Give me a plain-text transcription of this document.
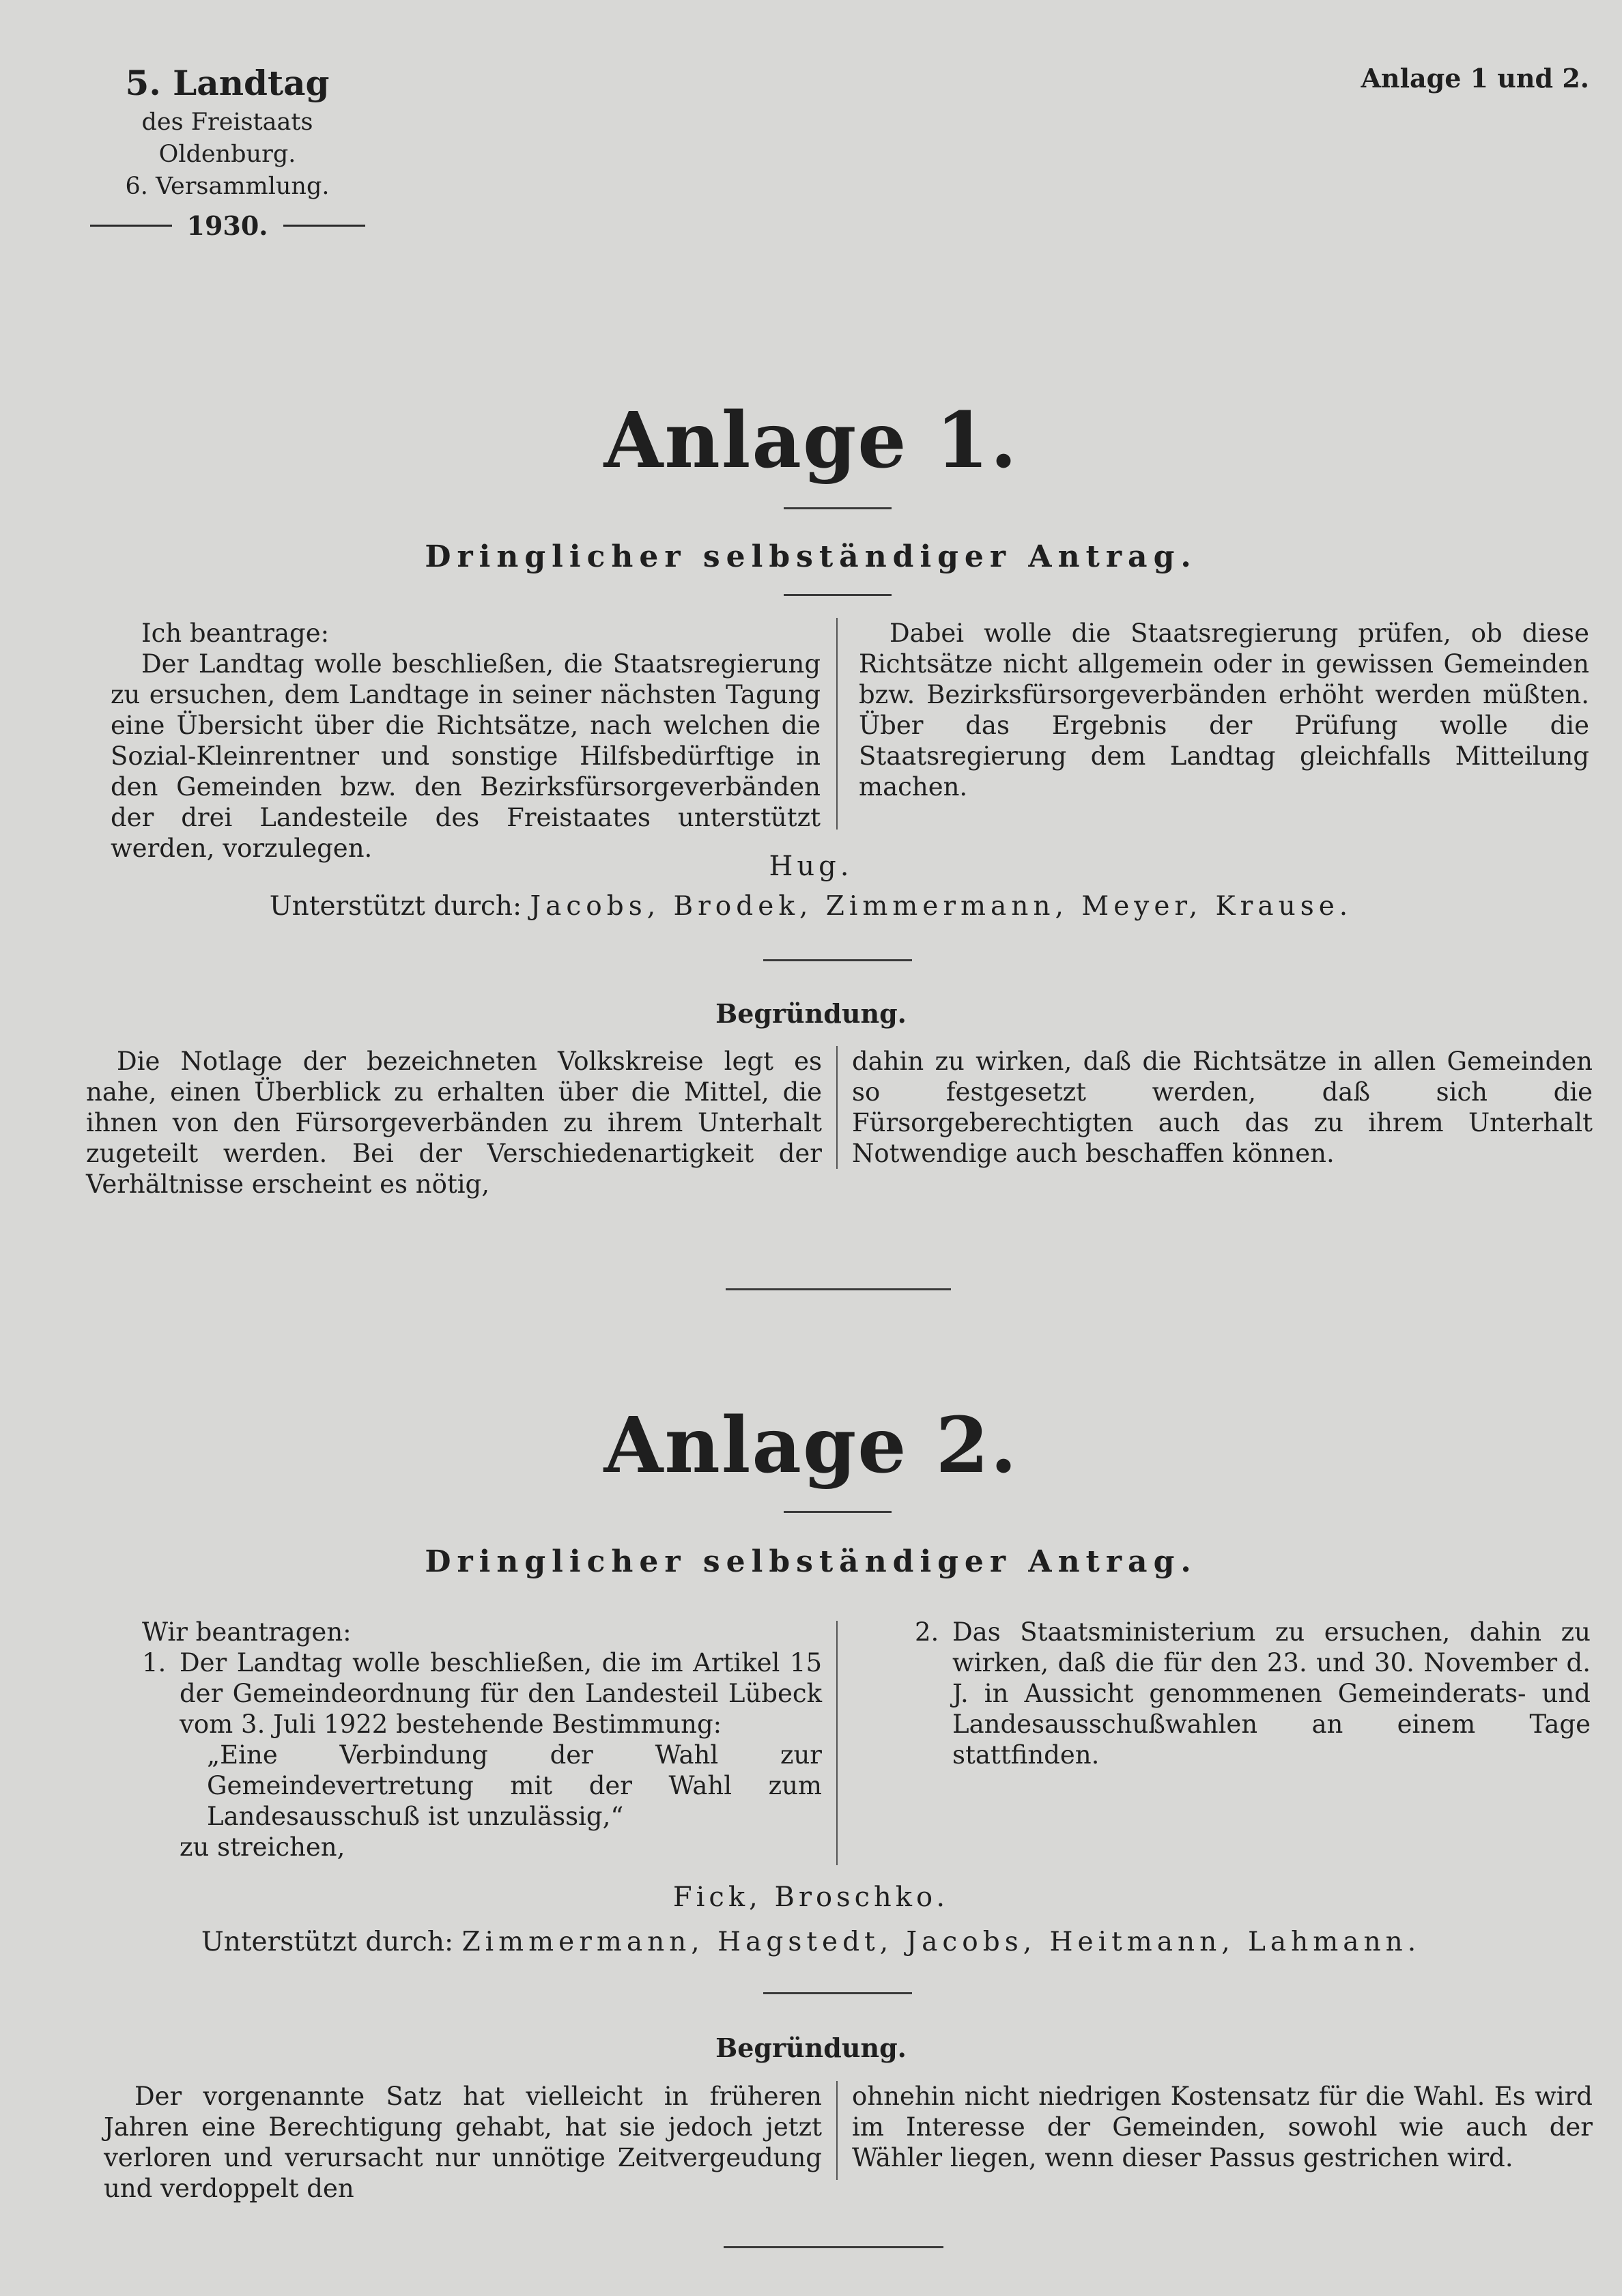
5. Landtag
des Freistaats Oldenburg.
6. Versammlung.
1930.
Anlage 1 und 2.
Anlage 1.
Dringlicher selbständiger Antrag.

Ich beantrage:

Der Landtag wolle beschließen, die Staatsregierung zu ersuchen, dem Landtage in seiner nächsten Tagung eine Übersicht über die Richtsätze, nach welchen die Sozial-Kleinrentner und sonstige Hilfsbedürftige in den Gemeinden bzw. den Bezirksfürsorgeverbänden der drei Landesteile des Freistaates unterstützt werden, vorzulegen.

Dabei wolle die Staatsregierung prüfen, ob diese Richtsätze nicht allgemein oder in gewissen Gemeinden bzw. Bezirksfürsorgeverbänden erhöht werden müßten. Über das Ergebnis der Prüfung wolle die Staatsregierung dem Landtag gleichfalls Mitteilung machen.

Hug.
Unterstützt durch: Jacobs, Brodek, Zimmermann, Meyer, Krause.
Begründung.

Die Notlage der bezeichneten Volkskreise legt es nahe, einen Überblick zu erhalten über die Mittel, die ihnen von den Fürsorgeverbänden zu ihrem Unterhalt zugeteilt werden. Bei der Verschiedenartigkeit der Verhältnisse erscheint es nötig,

dahin zu wirken, daß die Richtsätze in allen Gemeinden so festgesetzt werden, daß sich die Fürsorgeberechtigten auch das zu ihrem Unterhalt Notwendige auch beschaffen können.

Anlage 2.
Dringlicher selbständiger Antrag.

Wir beantragen:

1. Der Landtag wolle beschließen, die im Artikel 15 der Gemeindeordnung für den Landesteil Lübeck vom 3. Juli 1922 bestehende Bestimmung:

„Eine Verbindung der Wahl zur Gemeindevertretung mit der Wahl zum Landesausschuß ist unzulässig,“

zu streichen,

2. Das Staatsministerium zu ersuchen, dahin zu wirken, daß die für den 23. und 30. November d. J. in Aussicht genommenen Gemeinderats- und Landesausschußwahlen an einem Tage stattfinden.
Fick, Broschko.
Unterstützt durch: Zimmermann, Hagstedt, Jacobs, Heitmann, Lahmann.
Begründung.

Der vorgenannte Satz hat vielleicht in früheren Jahren eine Berechtigung gehabt, hat sie jedoch jetzt verloren und verursacht nur unnötige Zeitvergeudung und verdoppelt den

ohnehin nicht niedrigen Kostensatz für die Wahl. Es wird im Interesse der Gemeinden, sowohl wie auch der Wähler liegen, wenn dieser Passus gestrichen wird.
